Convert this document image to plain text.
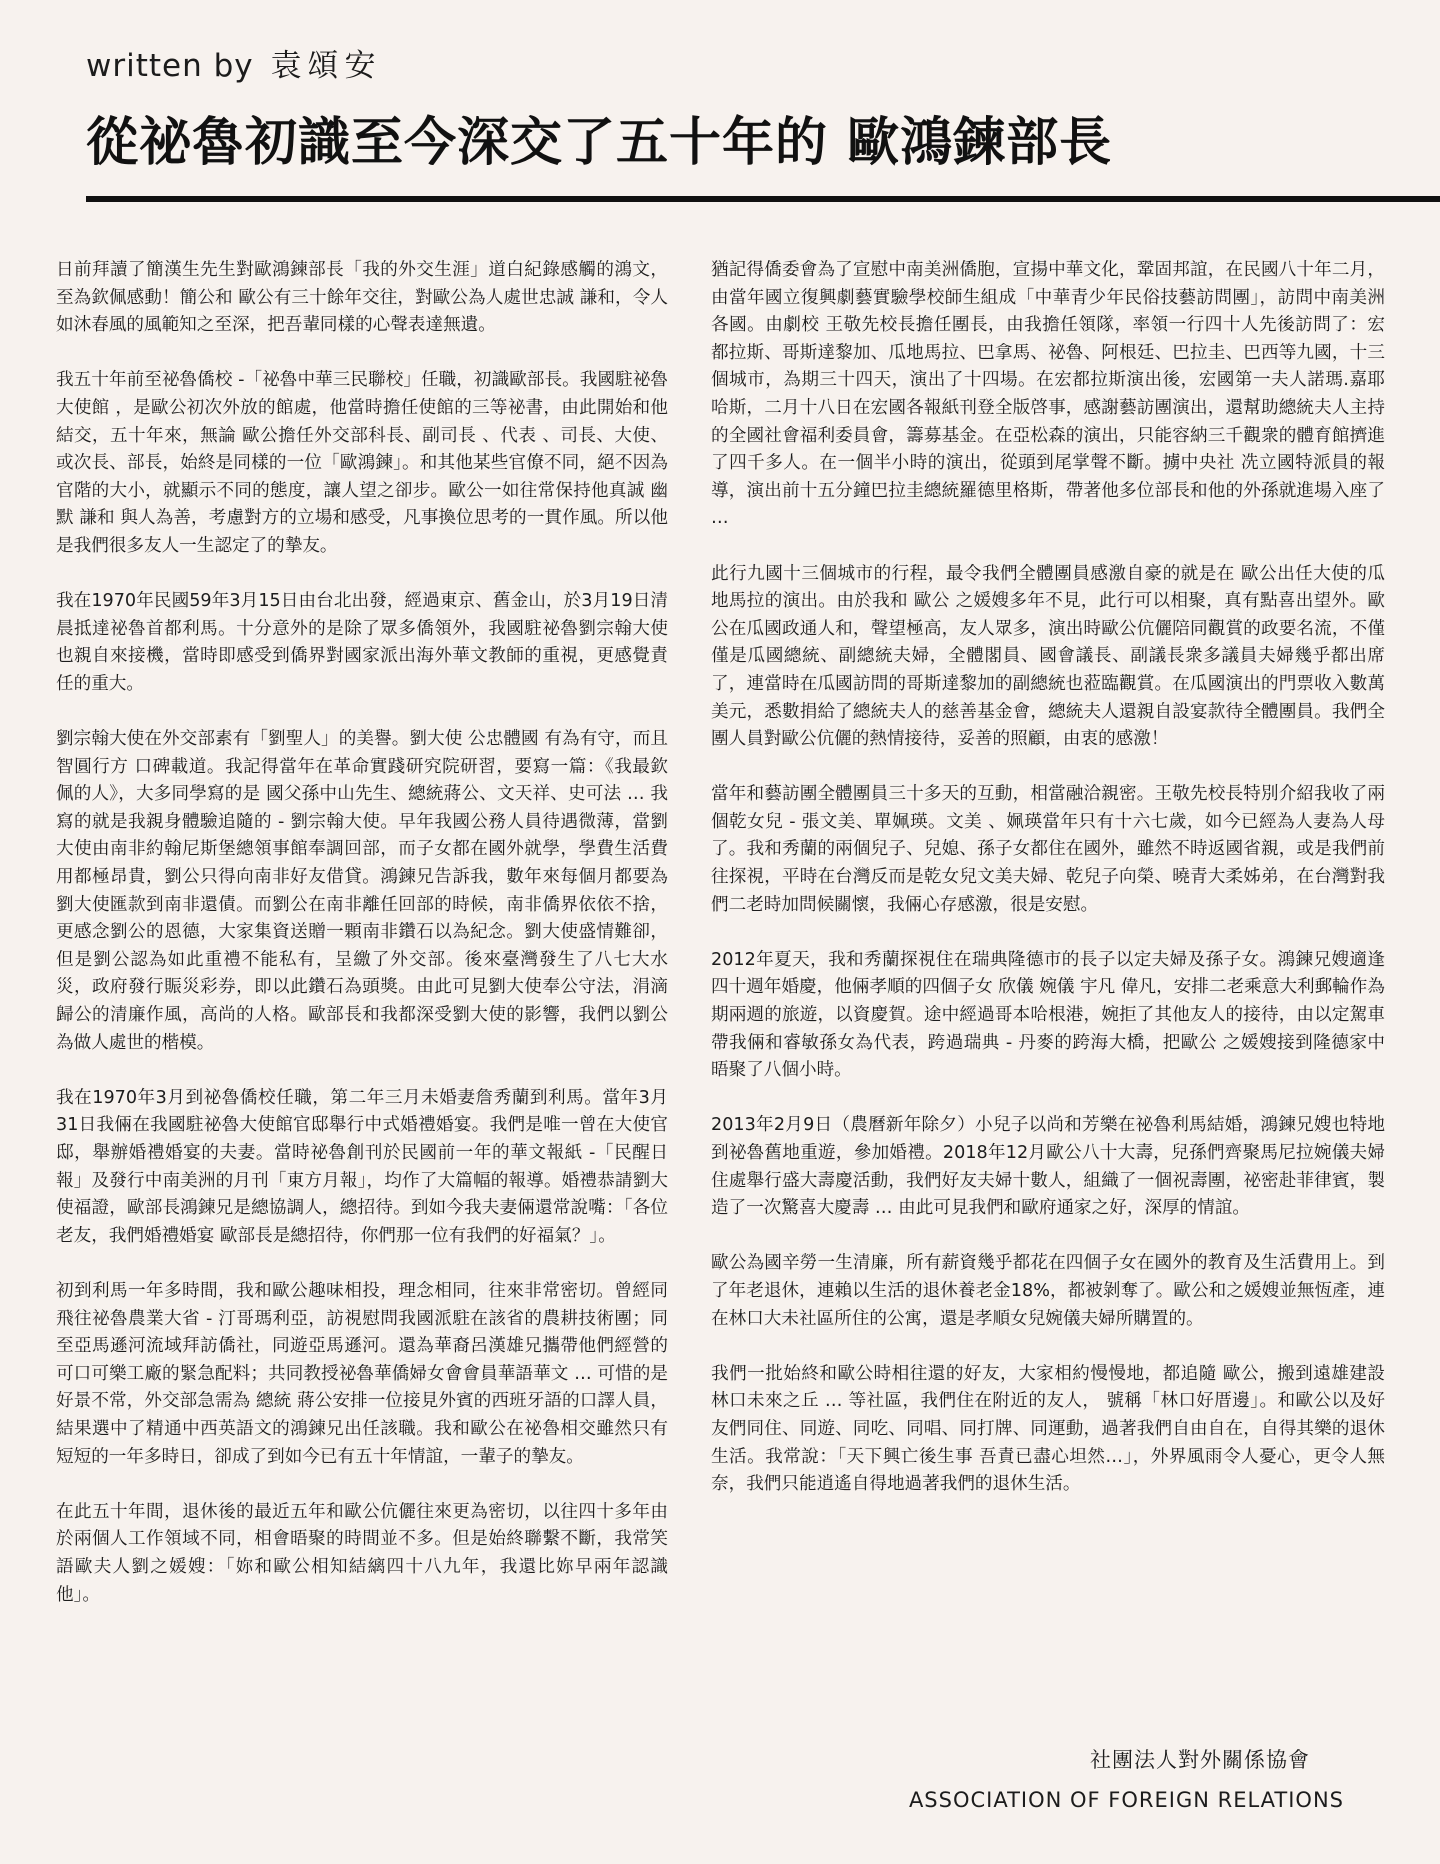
written by 袁頌安
從祕魯初識至今深交了五十年的 歐鴻鍊部長

日前拜讀了簡漢生先生對歐鴻鍊部長「我的外交生涯」道白紀錄感觸的鴻文，至為欽佩感動！簡公和 歐公有三十餘年交往，對歐公為人處世忠誠 謙和，令人如沐春風的風範知之至深，把吾輩同樣的心聲表達無遺。

我五十年前至祕魯僑校 -「祕魯中華三民聯校」任職，初識歐部長。我國駐祕魯大使館 ，是歐公初次外放的館處，他當時擔任使館的三等祕書，由此開始和他結交，五十年來，無論 歐公擔任外交部科長、副司長 、代表 、司長、大使、或次長、部長，始終是同樣的一位「歐鴻鍊」。和其他某些官僚不同，絕不因為官階的大小，就顯示不同的態度，讓人望之卻步。歐公一如往常保持他真誠 幽默 謙和 與人為善，考慮對方的立場和感受，凡事換位思考的一貫作風。所以他是我們很多友人一生認定了的摯友。

我在1970年民國59年3月15日由台北出發，經過東京、舊金山，於3月19日清晨抵達祕魯首都利馬。十分意外的是除了眾多僑領外，我國駐祕魯劉宗翰大使也親自來接機，當時即感受到僑界對國家派出海外華文教師的重視，更感覺責任的重大。

劉宗翰大使在外交部素有「劉聖人」的美譽。劉大使 公忠體國 有為有守，而且智圓行方 口碑載道。我記得當年在革命實踐研究院研習，要寫一篇：《我最欽佩的人》，大多同學寫的是 國父孫中山先生、總統蔣公、文天祥、史可法 … 我寫的就是我親身體驗追隨的 - 劉宗翰大使。早年我國公務人員待遇微薄，當劉大使由南非約翰尼斯堡總領事館奉調回部，而子女都在國外就學，學費生活費用都極昂貴，劉公只得向南非好友借貸。鴻鍊兄告訴我，數年來每個月都要為劉大使匯款到南非還債。而劉公在南非離任回部的時候，南非僑界依依不捨，更感念劉公的恩德，大家集資送贈一顆南非鑽石以為紀念。劉大使盛情難卻，但是劉公認為如此重禮不能私有，呈繳了外交部。後來臺灣發生了八七大水災，政府發行賑災彩券，即以此鑽石為頭獎。由此可見劉大使奉公守法，涓滴歸公的清廉作風，高尚的人格。歐部長和我都深受劉大使的影響，我們以劉公為做人處世的楷模。

我在1970年3月到祕魯僑校任職，第二年三月未婚妻詹秀蘭到利馬。當年3月31日我倆在我國駐祕魯大使館官邸舉行中式婚禮婚宴。我們是唯一曾在大使官邸，舉辦婚禮婚宴的夫妻。當時祕魯創刊於民國前一年的華文報紙 -「民醒日報」及發行中南美洲的月刊「東方月報」，均作了大篇幅的報導。婚禮恭請劉大使福證，歐部長鴻鍊兄是總協調人，總招待。到如今我夫妻倆還常說嘴：「各位老友，我們婚禮婚宴 歐部長是總招待，你們那一位有我們的好福氣？」。

初到利馬一年多時間，我和歐公趣味相投，理念相同，往來非常密切。曾經同飛往祕魯農業大省 - 汀哥瑪利亞，訪視慰問我國派駐在該省的農耕技術團；同至亞馬遜河流域拜訪僑社，同遊亞馬遜河。還為華裔呂漢雄兄攜帶他們經營的可口可樂工廠的緊急配料；共同教授祕魯華僑婦女會會員華語華文 … 可惜的是好景不常，外交部急需為 總統 蔣公安排一位接見外賓的西班牙語的口譯人員，結果選中了精通中西英語文的鴻鍊兄出任該職。我和歐公在祕魯相交雖然只有短短的一年多時日，卻成了到如今已有五十年情誼，一輩子的摯友。

在此五十年間，退休後的最近五年和歐公伉儷往來更為密切，以往四十多年由於兩個人工作領域不同，相會晤聚的時間並不多。但是始終聯繫不斷，我常笑語歐夫人劉之媛嫂：「妳和歐公相知結縭四十八九年，我還比妳早兩年認識他」。

猶記得僑委會為了宣慰中南美洲僑胞，宣揚中華文化，鞏固邦誼，在民國八十年二月，由當年國立復興劇藝實驗學校師生組成「中華青少年民俗技藝訪問團」，訪問中南美洲各國。由劇校 王敬先校長擔任團長，由我擔任領隊，率領一行四十人先後訪問了：宏都拉斯、哥斯達黎加、瓜地馬拉、巴拿馬、祕魯、阿根廷、巴拉圭、巴西等九國，十三個城市，為期三十四天，演出了十四場。在宏都拉斯演出後，宏國第一夫人諾瑪.嘉耶哈斯，二月十八日在宏國各報紙刊登全版啓事，感謝藝訪團演出，還幫助總統夫人主持的全國社會福利委員會，籌募基金。在亞松森的演出，只能容納三千觀衆的體育館擠進了四千多人。在一個半小時的演出，從頭到尾掌聲不斷。擄中央社 冼立國特派員的報導，演出前十五分鐘巴拉圭總統羅德里格斯，帶著他多位部長和他的外孫就進場入座了 …

此行九國十三個城市的行程，最令我們全體團員感激自豪的就是在 歐公出任大使的瓜地馬拉的演出。由於我和 歐公 之媛嫂多年不見，此行可以相聚，真有點喜出望外。歐公在瓜國政通人和，聲望極高，友人眾多，演出時歐公伉儷陪同觀賞的政要名流，不僅僅是瓜國總統、副總統夫婦，全體閣員、國會議長、副議長衆多議員夫婦幾乎都出席了，連當時在瓜國訪問的哥斯達黎加的副總統也蒞臨觀賞。在瓜國演出的門票收入數萬美元，悉數捐給了總統夫人的慈善基金會，總統夫人還親自設宴款待全體團員。我們全團人員對歐公伉儷的熱情接待，妥善的照顧，由衷的感激！

當年和藝訪團全體團員三十多天的互動，相當融洽親密。王敬先校長特別介紹我收了兩個乾女兒 - 張文美、單姵瑛。文美 、姵瑛當年只有十六七歲，如今已經為人妻為人母了。我和秀蘭的兩個兒子、兒媳、孫子女都住在國外，雖然不時返國省親，或是我們前往探視，平時在台灣反而是乾女兒文美夫婦、乾兒子向榮、曉青大柔姊弟，在台灣對我們二老時加問候關懷，我倆心存感激，很是安慰。

2012年夏天，我和秀蘭探視住在瑞典隆德市的長子以定夫婦及孫子女。鴻鍊兄嫂適逢四十週年婚慶，他倆孝順的四個子女 欣儀 婉儀 宇凡 偉凡，安排二老乘意大利郵輪作為期兩週的旅遊，以資慶賀。途中經過哥本哈根港，婉拒了其他友人的接待，由以定駕車帶我倆和睿敏孫女為代表，跨過瑞典 - 丹麥的跨海大橋，把歐公 之媛嫂接到隆德家中晤聚了八個小時。

2013年2月9日（農曆新年除夕）小兒子以尚和芳樂在祕魯利馬結婚，鴻鍊兄嫂也特地到祕魯舊地重遊，參加婚禮。2018年12月歐公八十大壽，兒孫們齊聚馬尼拉婉儀夫婦住處舉行盛大壽慶活動，我們好友夫婦十數人，組織了一個祝壽團，祕密赴菲律賓，製造了一次驚喜大慶壽 … 由此可見我們和歐府通家之好，深厚的情誼。

歐公為國辛勞一生清廉，所有薪資幾乎都花在四個子女在國外的教育及生活費用上。到了年老退休，連賴以生活的退休養老金18%，都被剝奪了。歐公和之媛嫂並無恆產，連在林口大未社區所住的公寓，還是孝順女兒婉儀夫婦所購置的。

我們一批始終和歐公時相往還的好友，大家相約慢慢地，都追隨 歐公，搬到遠雄建設林口未來之丘 … 等社區，我們住在附近的友人， 號稱「林口好厝邊」。和歐公以及好友們同住、同遊、同吃、同唱、同打牌、同運動，過著我們自由自在，自得其樂的退休生活。我常說：「天下興亡後生事 吾責已盡心坦然…」，外界風雨令人憂心，更令人無奈，我們只能逍遙自得地過著我們的退休生活。

社團法人對外關係協會
ASSOCIATION OF FOREIGN RELATIONS
